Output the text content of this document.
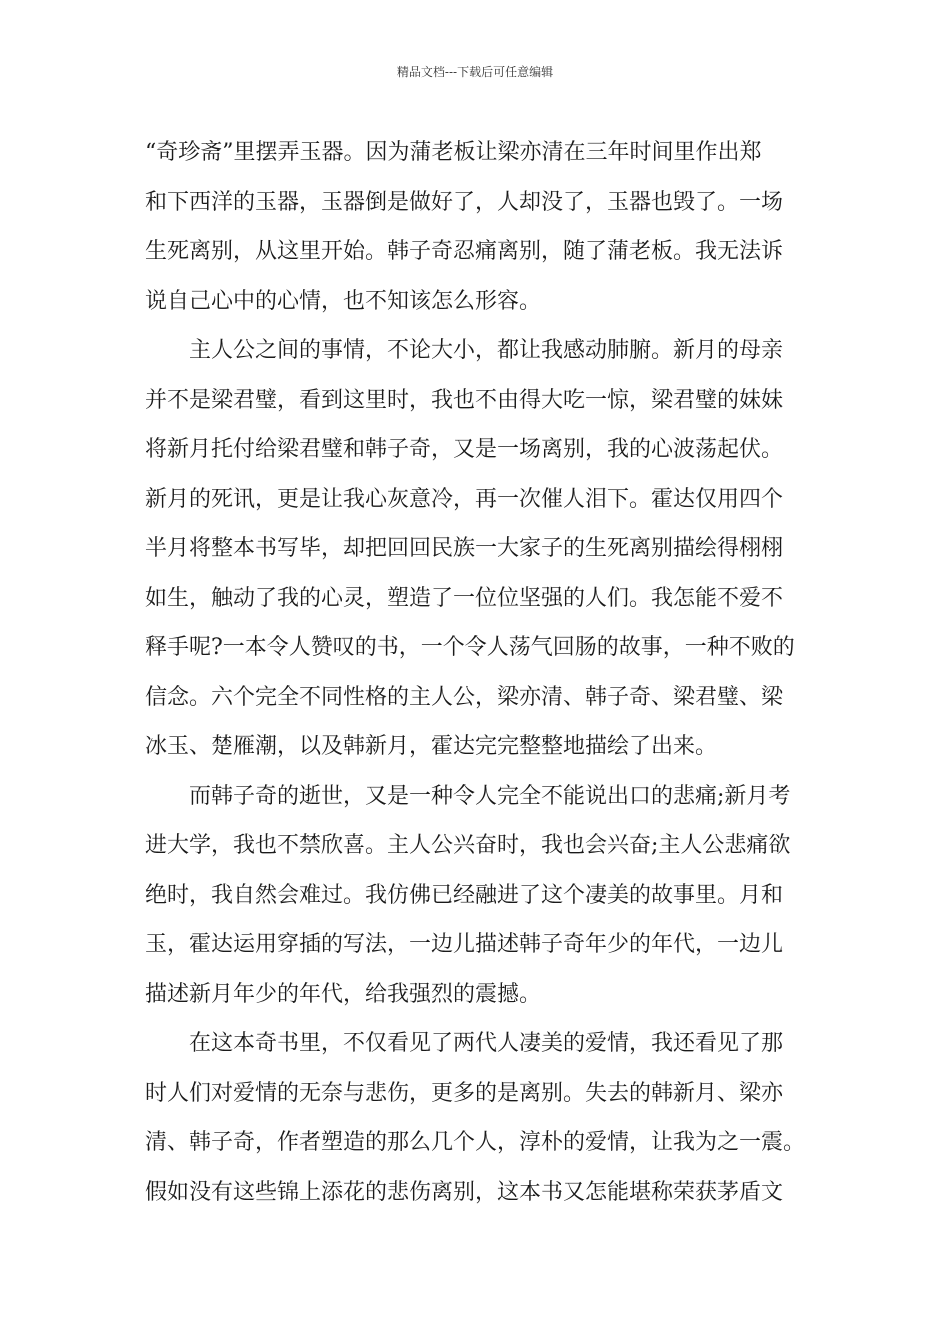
精品文档---下载后可任意编辑
“奇珍斋”里摆弄玉器。因为蒲老板让梁亦清在三年时间里作出郑
和下西洋的玉器，玉器倒是做好了，人却没了，玉器也毁了。一场
生死离别，从这里开始。韩子奇忍痛离别，随了蒲老板。我无法诉
说自己心中的心情，也不知该怎么形容。
主人公之间的事情，不论大小，都让我感动肺腑。新月的母亲
并不是梁君璧，看到这里时，我也不由得大吃一惊，梁君璧的妹妹
将新月托付给梁君璧和韩子奇，又是一场离别，我的心波荡起伏。
新月的死讯，更是让我心灰意冷，再一次催人泪下。霍达仅用四个
半月将整本书写毕，却把回回民族一大家子的生死离别描绘得栩栩
如生，触动了我的心灵，塑造了一位位坚强的人们。我怎能不爱不
释手呢?一本令人赞叹的书，一个令人荡气回肠的故事，一种不败的
信念。六个完全不同性格的主人公，梁亦清、韩子奇、梁君璧、梁
冰玉、楚雁潮，以及韩新月，霍达完完整整地描绘了出来。
而韩子奇的逝世，又是一种令人完全不能说出口的悲痛;新月考
进大学，我也不禁欣喜。主人公兴奋时，我也会兴奋;主人公悲痛欲
绝时，我自然会难过。我仿佛已经融进了这个凄美的故事里。月和
玉，霍达运用穿插的写法，一边儿描述韩子奇年少的年代，一边儿
描述新月年少的年代，给我强烈的震撼。
在这本奇书里，不仅看见了两代人凄美的爱情，我还看见了那
时人们对爱情的无奈与悲伤，更多的是离别。失去的韩新月、梁亦
清、韩子奇，作者塑造的那么几个人，淳朴的爱情，让我为之一震。
假如没有这些锦上添花的悲伤离别，这本书又怎能堪称荣获茅盾文
